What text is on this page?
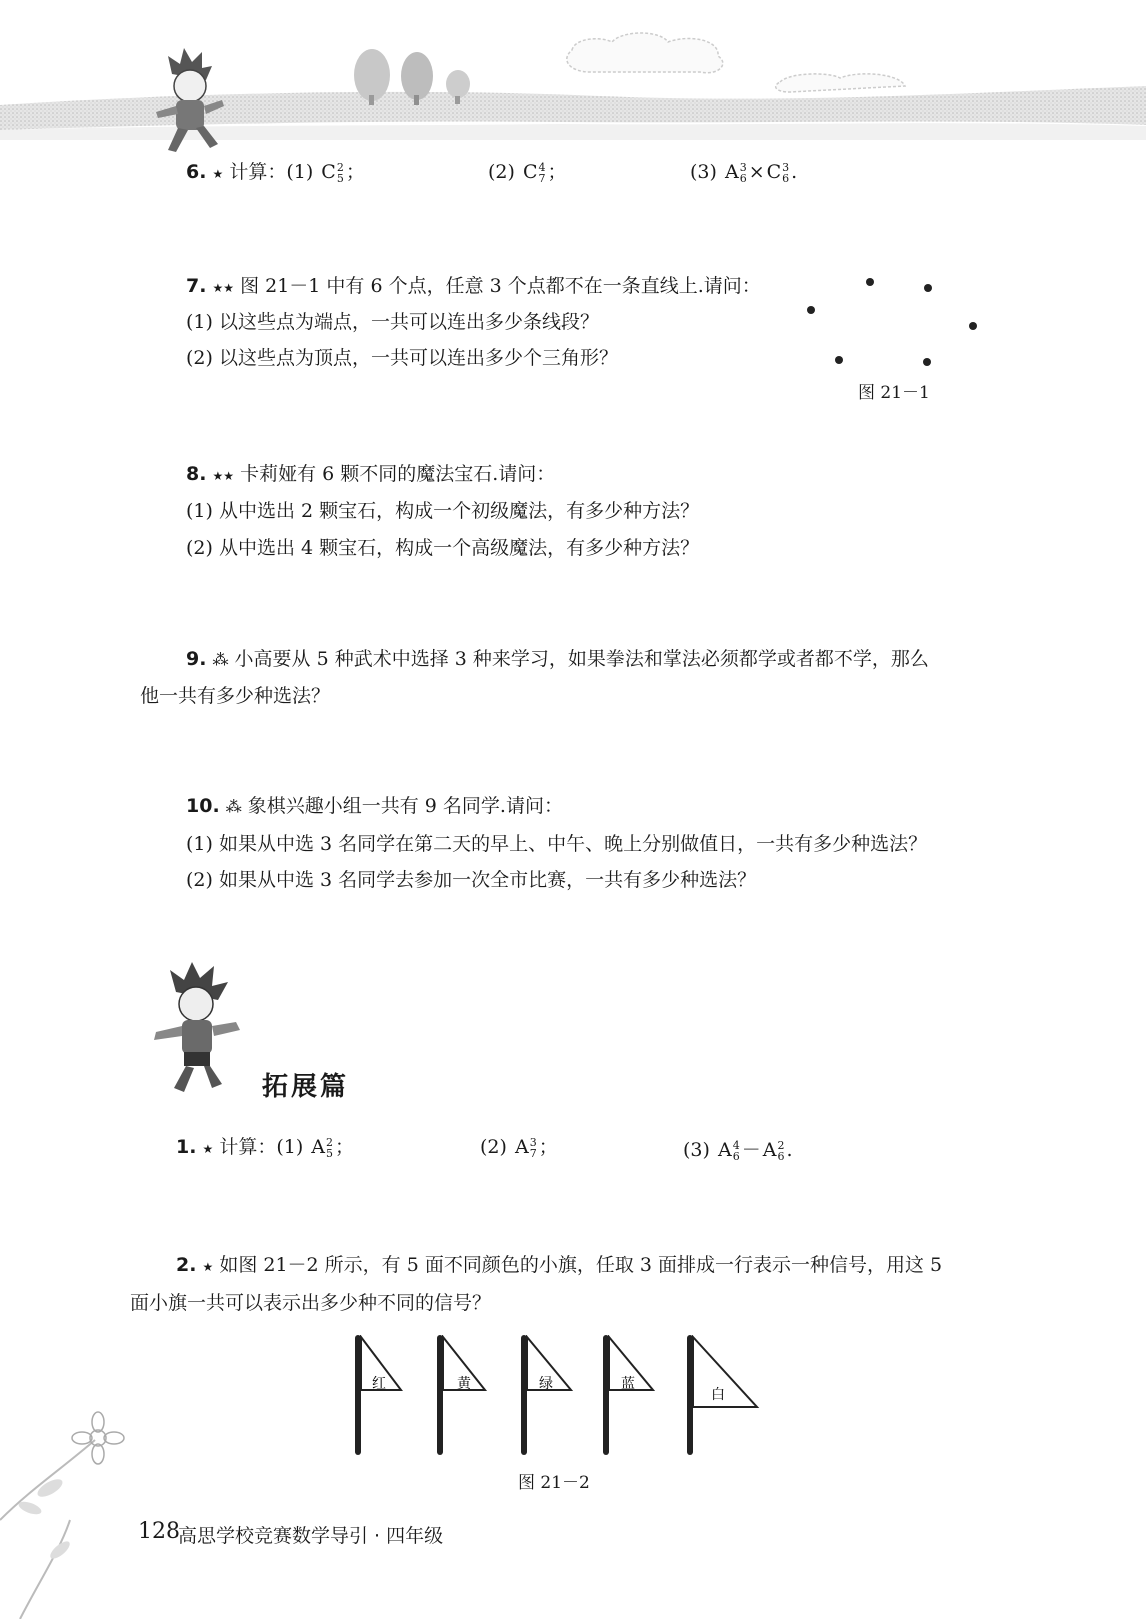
6. ★ 计算：(1) C 2
5 ；	(2) C 4
7 ；	(3) A 3
6 × C 3
6 .
7. ★★ 图 21－1 中有 6 个点，任意 3 个点都不在一条直线上.请问：
(1) 以这些点为端点，一共可以连出多少条线段？
(2) 以这些点为顶点，一共可以连出多少个三角形？
图 21－1
8. ★★ 卡莉娅有 6 颗不同的魔法宝石.请问：
(1) 从中选出 2 颗宝石，构成一个初级魔法，有多少种方法？
(2) 从中选出 4 颗宝石，构成一个高级魔法，有多少种方法？
9. ⁂ 小高要从 5 种武术中选择 3 种来学习，如果拳法和掌法必须都学或者都不学，那么
他一共有多少种选法？
10. ⁂ 象棋兴趣小组一共有 9 名同学.请问：
(1) 如果从中选 3 名同学在第二天的早上、中午、晚上分别做值日，一共有多少种选法？
(2) 如果从中选 3 名同学去参加一次全市比赛，一共有多少种选法？
拓展篇
1. ★ 计算：(1) A 2
5 ；	(2) A 3
7 ；	(3) A 4
6 － A 2
6 .
2. ★ 如图 21－2 所示，有 5 面不同颜色的小旗，任取 3 面排成一行表示一种信号，用这 5
面小旗一共可以表示出多少种不同的信号？
红	黄	绿	蓝
白
图 21－2
128
高思学校竞赛数学导引 · 四年级
